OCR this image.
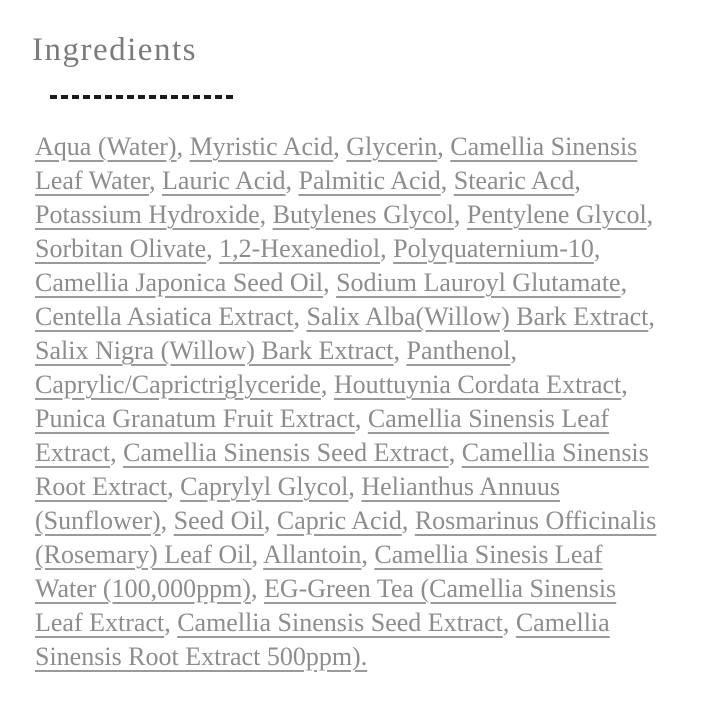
Ingredients
Aqua (Water), Myristic Acid, Glycerin, Camellia Sinensis
Leaf Water, Lauric Acid, Palmitic Acid, Stearic Acd,
Potassium Hydroxide, Butylenes Glycol, Pentylene Glycol,
Sorbitan Olivate, 1,2-Hexanediol, Polyquaternium-10,
Camellia Japonica Seed Oil, Sodium Lauroyl Glutamate,
Centella Asiatica Extract, Salix Alba(Willow) Bark Extract,
Salix Nigra (Willow) Bark Extract, Panthenol,
Caprylic/Caprictriglyceride, Houttuynia Cordata Extract,
Punica Granatum Fruit Extract, Camellia Sinensis Leaf
Extract, Camellia Sinensis Seed Extract, Camellia Sinensis
Root Extract, Caprylyl Glycol, Helianthus Annuus
(Sunflower), Seed Oil, Capric Acid, Rosmarinus Officinalis
(Rosemary) Leaf Oil, Allantoin, Camellia Sinesis Leaf
Water (100,000ppm), EG-Green Tea (Camellia Sinensis
Leaf Extract, Camellia Sinensis Seed Extract, Camellia
Sinensis Root Extract 500ppm).
